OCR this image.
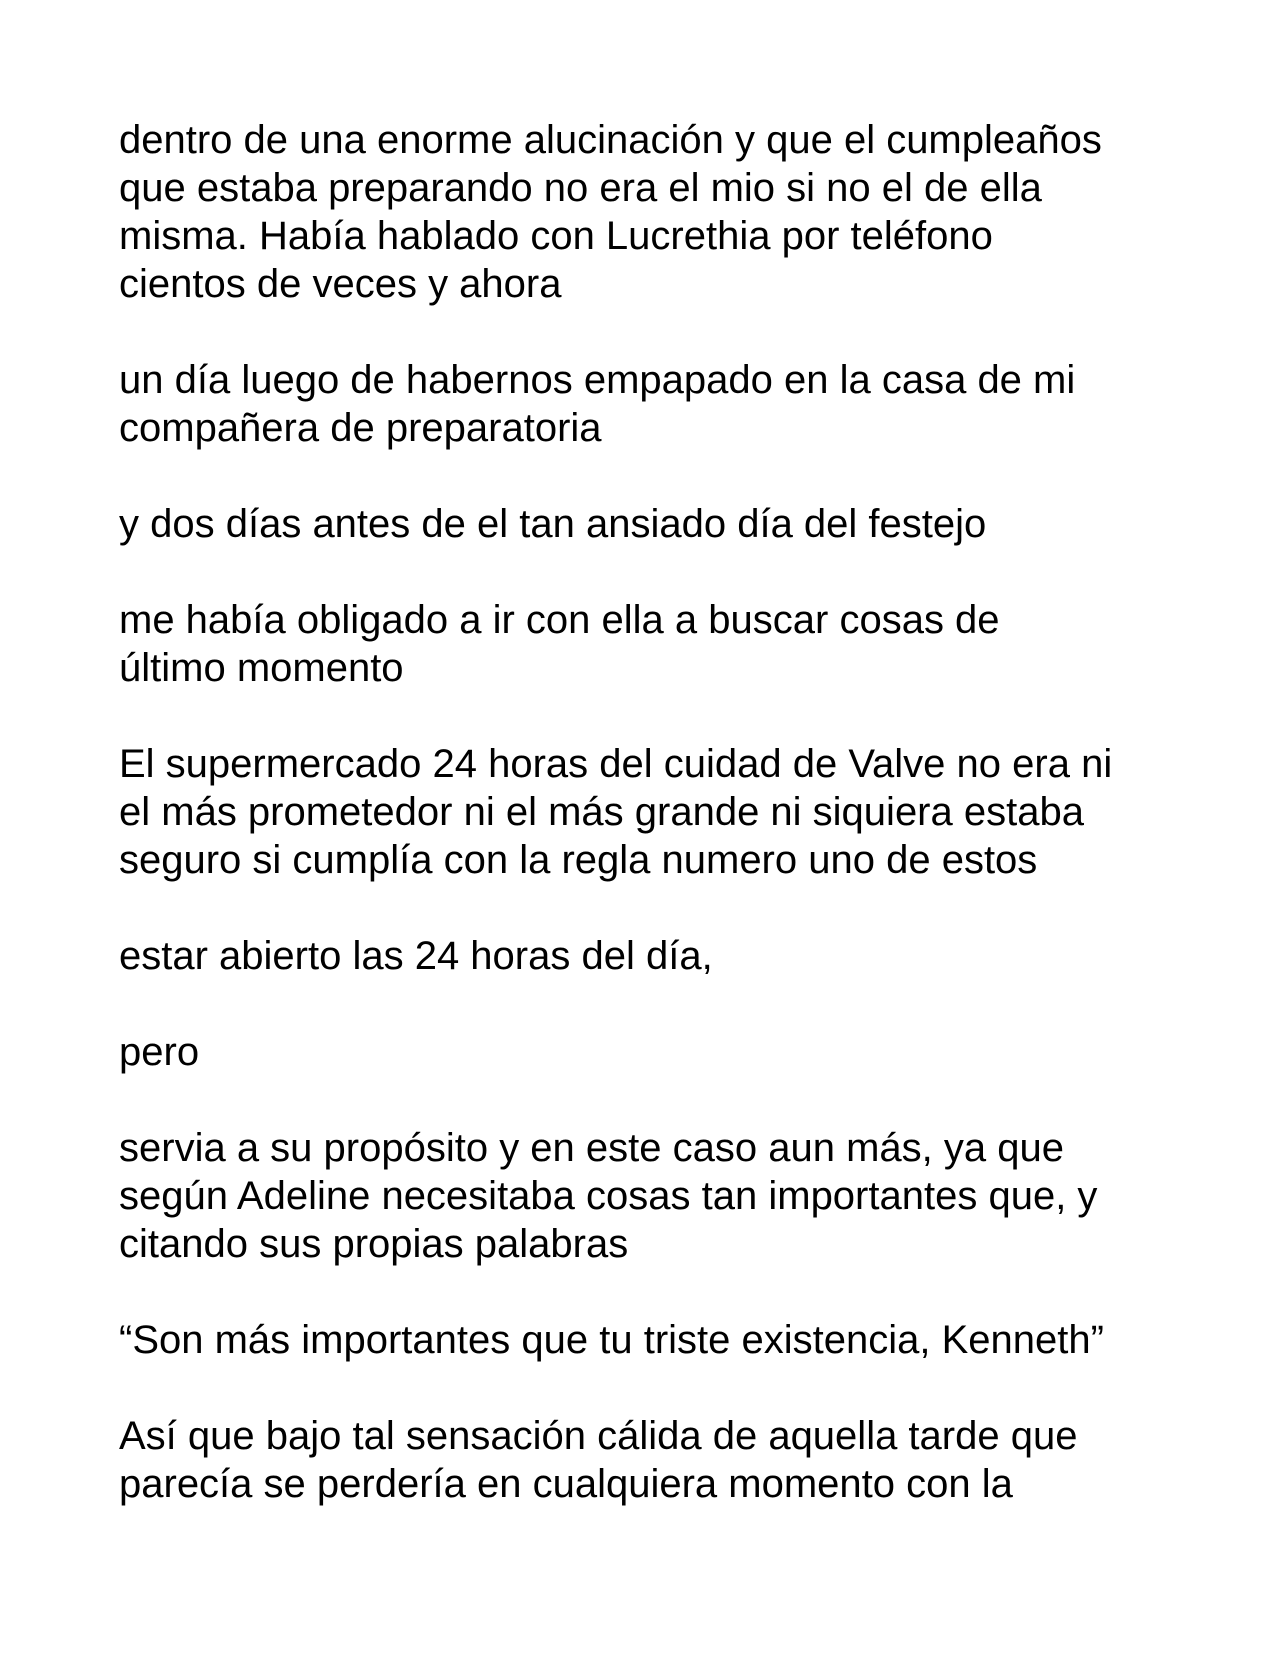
dentro de una enorme alucinación y que el cumpleaños
que estaba preparando no era el mio si no el de ella
misma. Había hablado con Lucrethia por teléfono
cientos de veces y ahora

un día luego de habernos empapado en la casa de mi
compañera de preparatoria

y dos días antes de el tan ansiado día del festejo

me había obligado a ir con ella a buscar cosas de
último momento

El supermercado 24 horas del cuidad de Valve no era ni
el más prometedor ni el más grande ni siquiera estaba
seguro si cumplía con la regla numero uno de estos

estar abierto las 24 horas del día,

pero

servia a su propósito y en este caso aun más, ya que
según Adeline necesitaba cosas tan importantes que, y
citando sus propias palabras

“Son más importantes que tu triste existencia, Kenneth”

Así que bajo tal sensación cálida de aquella tarde que
parecía se perdería en cualquiera momento con la
